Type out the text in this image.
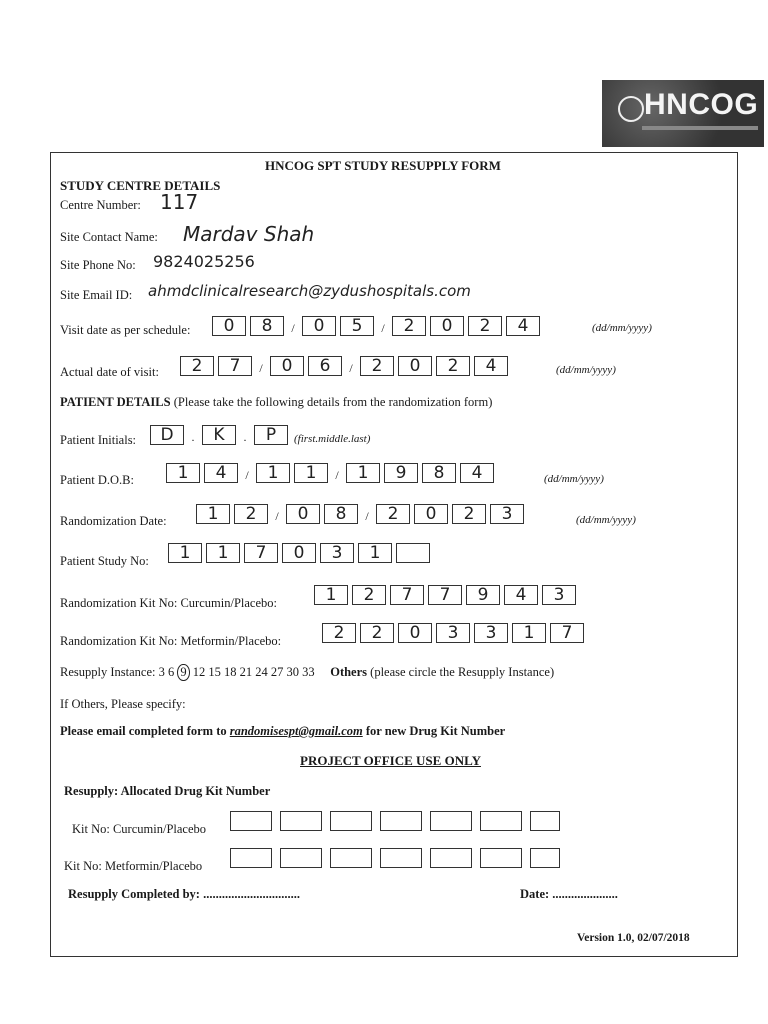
HNCOG
HNCOG SPT STUDY RESUPPLY FORM
STUDY CENTRE DETAILS
Centre Number: 117
Site Contact Name: Mardav Shah
Site Phone No: 9824025256
Site Email ID: ahmdclinicalresearch@zydushospitals.com
Visit date as per schedule:	0	8	/	0	5	/	2	0	2	4	(dd/mm/yyyy)
Actual date of visit:	2	7	/	0	6	/	2	0	2	4	(dd/mm/yyyy)
PATIENT DETAILS (Please take the following details from the randomization form)
Patient Initials:	D	.	K	.	P	(first.middle.last)
Patient D.O.B:	1	4	/	1	1	/	1	9	8	4	(dd/mm/yyyy)
Randomization Date:	1	2	/	0	8	/	2	0	2	3	(dd/mm/yyyy)
Patient Study No:	1	1	7	0	3	1
Randomization Kit No: Curcumin/Placebo:	1	2	7	7	9	4	3
Randomization Kit No: Metformin/Placebo:	2	2	0	3	3	1	7
Resupply Instance: 3 6 9 12 15 18 21 24 27 30 33 Others (please circle the Resupply Instance)
If Others, Please specify:
Please email completed form to randomisespt@gmail.com for new Drug Kit Number
PROJECT OFFICE USE ONLY
Resupply: Allocated Drug Kit Number
Kit No: Curcumin/Placebo
Kit No: Metformin/Placebo
Resupply Completed by: ...............................	Date: .....................
Version 1.0, 02/07/2018
